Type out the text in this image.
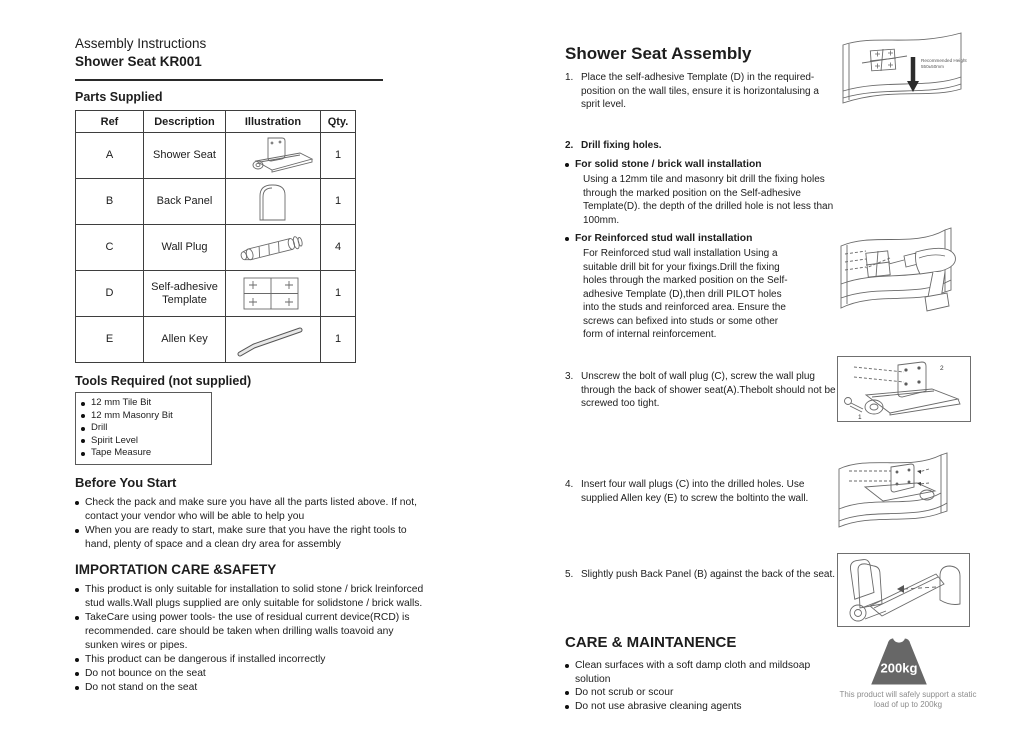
Assembly Instructions
Shower Seat KR001
Parts Supplied
Ref	Description	Illustration	Qty.
A	Shower Seat		1
B	Back Panel		1
C	Wall Plug		4
D	Self-adhesive Template		1
E	Allen Key		1
Tools Required (not supplied)
12 mm Tile Bit
12 mm Masonry Bit
Drill
Spirit Level
Tape Measure
Before You Start
Check the pack and make sure you have all the parts listed above. If not, contact your vendor who will be able to help you
When you are ready to start, make sure that you have the right tools to hand, plenty of space and a clean dry area for assembly
IMPORTATION CARE &SAFETY
This product is only suitable for installation to solid stone / brick lreinforced stud walls.Wall plugs supplied are only suitable for solidstone / brick walls.
TakeCare using power tools- the use of residual current device(RCD) is recommended. care should be taken when drilling walls toavoid any sunken wires or pipes.
This product can be dangerous if installed incorrectly
Do not bounce on the seat
Do not stand on the seat
Shower Seat Assembly
1. Place the self-adhesive Template (D) in the required- position on the wall tiles, ensure it is horizontalusing a sprit level.
2. Drill fixing holes.
For solid stone / brick wall installation
Using a 12mm tile and masonry bit drill the fixing holes through the marked position on the Self-adhesive Template(D). the depth of the drilled hole is not less than 100mm.
For Reinforced stud wall installation
For Reinforced stud wall installation Using a suitable drill bit for your fixings.Drill the fixing holes through the marked position on the Self-adhesive Template (D),then drill PILOT holes into the studs and reinforced area. Ensure the screws can befixed into studs or some other form of internal reinforcement.
3. Unscrew the bolt of wall plug (C), screw the wall plug through the back of shower seat(A).Thebolt should not be screwed too tight.
4. Insert four wall plugs (C) into the drilled holes. Use supplied Allen key (E) to screw the boltinto the wall.
5. Slightly push Back Panel (B) against the back of the seat.
CARE & MAINTANENCE
Clean surfaces with a soft damp cloth and mildsoap solution
Do not scrub or scour
Do not use abrasive cleaning agents
Recommended Height
550±50mm
2
1
200kg
This product will safely support a static load of up to 200kg
